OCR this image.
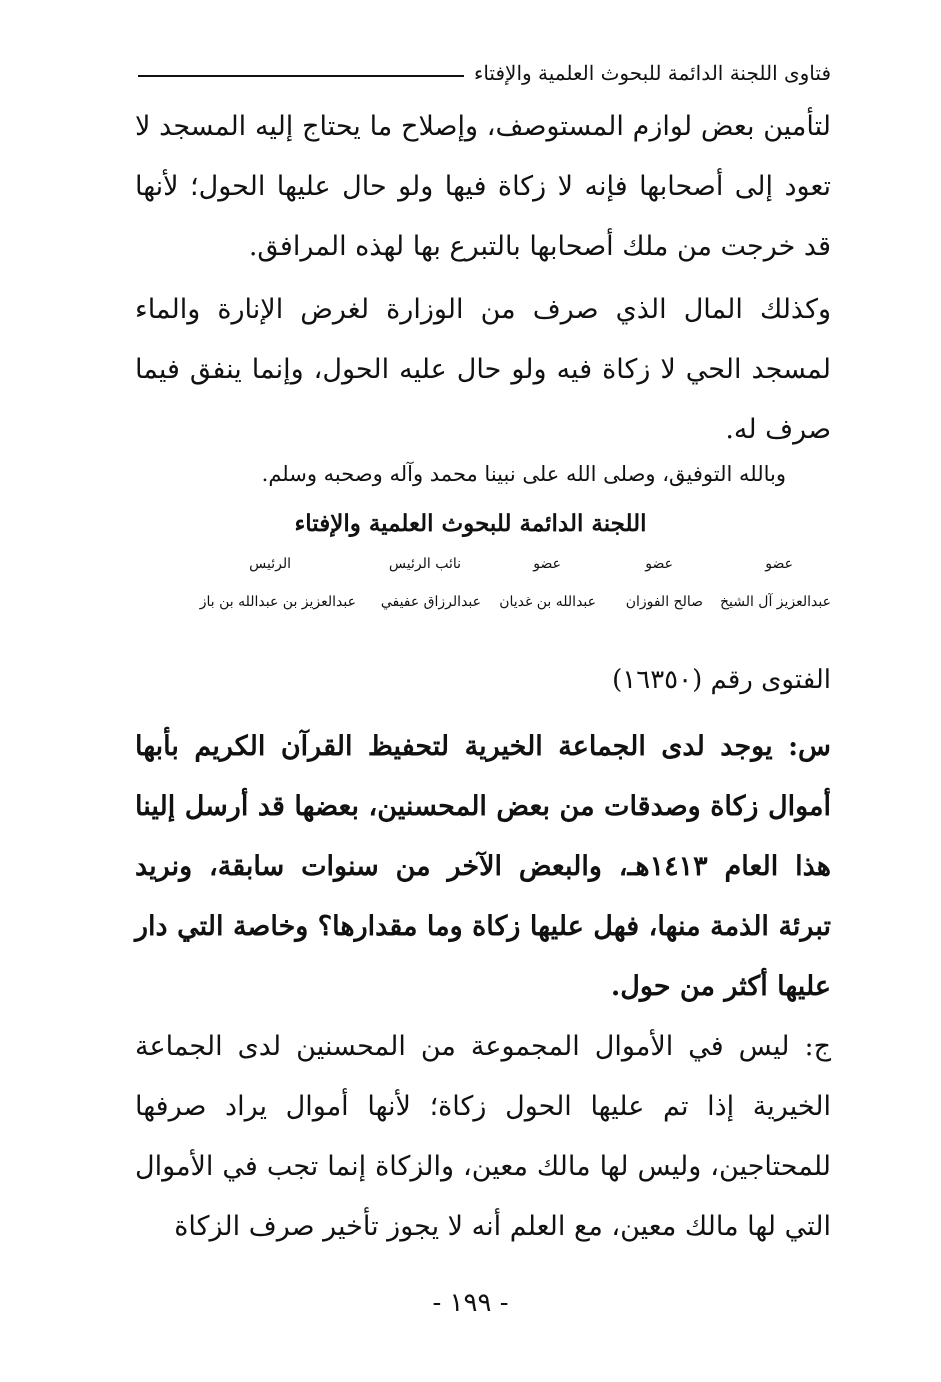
فتاوى اللجنة الدائمة للبحوث العلمية والإفتاء

لتأمين بعض لوازم المستوصف، وإصلاح ما يحتاج إليه المسجد لا تعود إلى أصحابها فإنه لا زكاة فيها ولو حال عليها الحول؛ لأنها قد خرجت من ملك أصحابها بالتبرع بها لهذه المرافق.

وكذلك المال الذي صرف من الوزارة لغرض الإنارة والماء لمسجد الحي لا زكاة فيه ولو حال عليه الحول، وإنما ينفق فيما صرف له.

وبالله التوفيق، وصلى الله على نبينا محمد وآله وصحبه وسلم.
اللجنة الدائمة للبحوث العلمية والإفتاء
عضو
عضو
عضو
نائب الرئيس
الرئيس
عبدالعزيز آل الشيخ
صالح الفوزان
عبدالله بن غديان
عبدالرزاق عفيفي
عبدالعزيز بن عبدالله بن باز
الفتوى رقم (١٦٣٥٠)

س: يوجد لدى الجماعة الخيرية لتحفيظ القرآن الكريم بأبها أموال زكاة وصدقات من بعض المحسنين، بعضها قد أرسل إلينا هذا العام ١٤١٣هـ، والبعض الآخر من سنوات سابقة، ونريد تبرئة الذمة منها، فهل عليها زكاة وما مقدارها؟ وخاصة التي دار عليها أكثر من حول.

ج: ليس في الأموال المجموعة من المحسنين لدى الجماعة الخيرية إذا تم عليها الحول زكاة؛ لأنها أموال يراد صرفها للمحتاجين، وليس لها مالك معين، والزكاة إنما تجب في الأموال التي لها مالك معين، مع العلم أنه لا يجوز تأخير صرف الزكاة

- ١٩٩ -
